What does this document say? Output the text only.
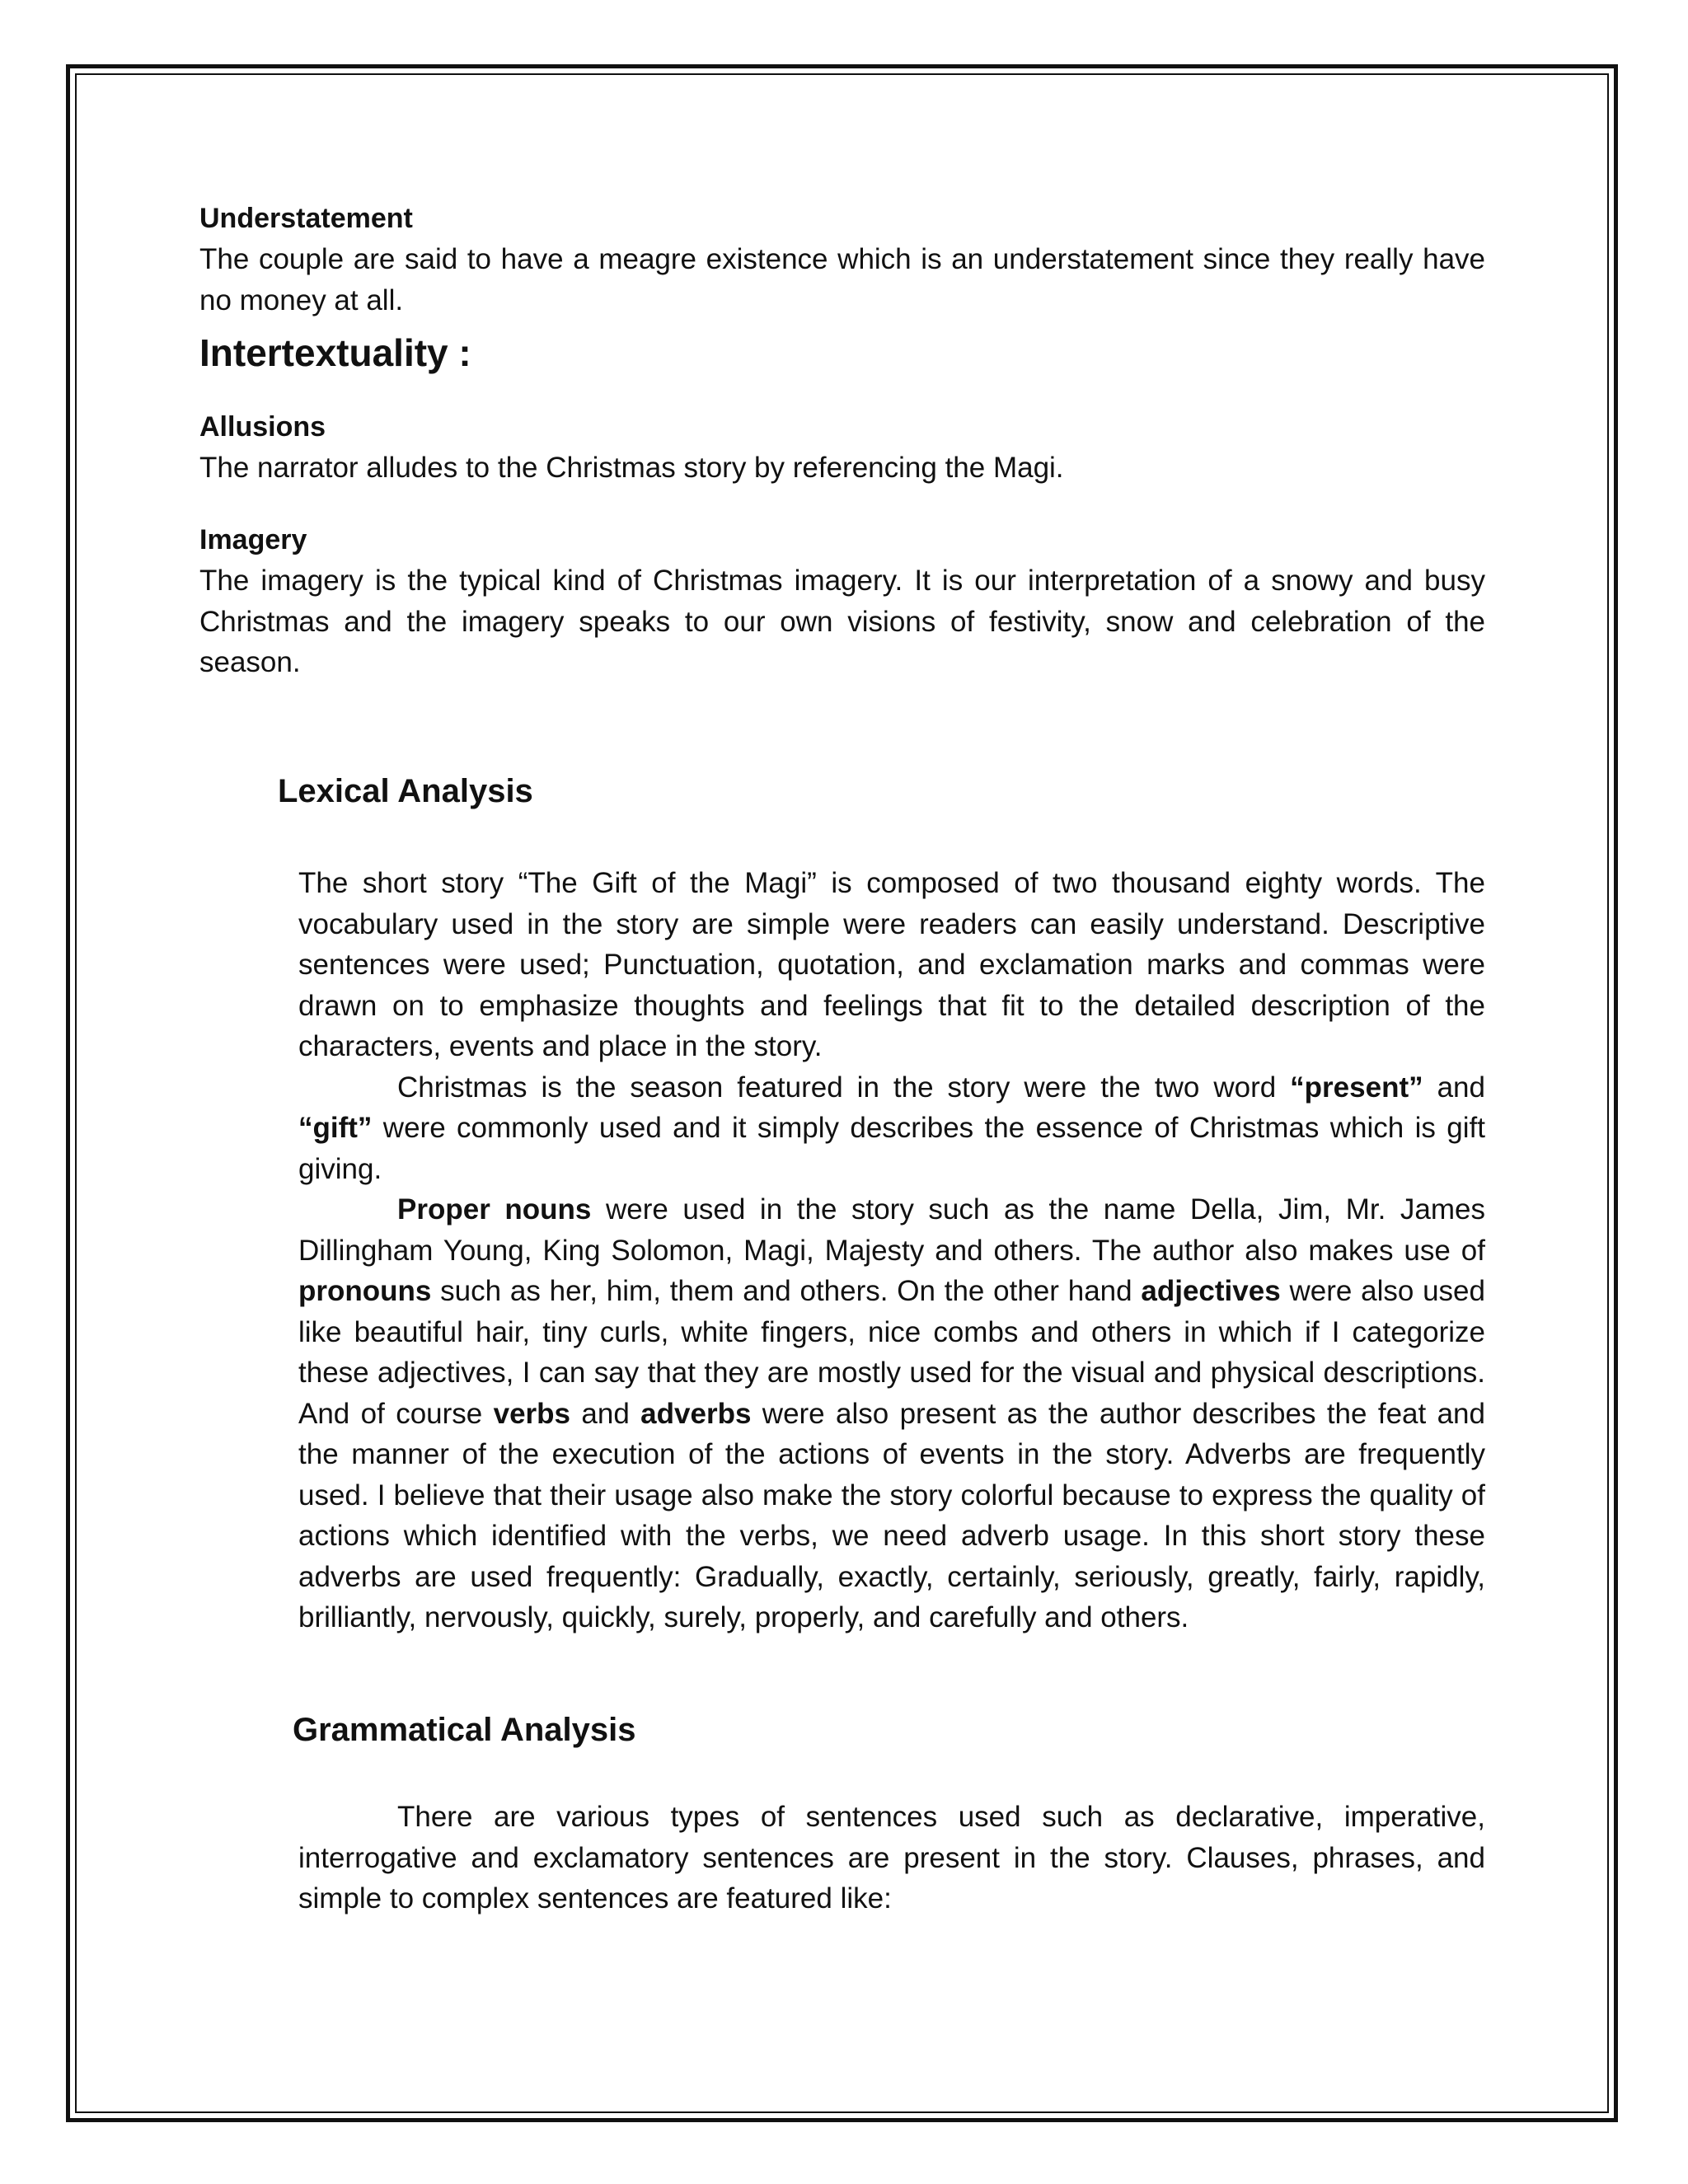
Understatement

The couple are said to have a meagre existence which is an understatement since they really have no money at all.

Intertextuality :

Allusions

The narrator alludes to the Christmas story by referencing the Magi.

Imagery

The imagery is the typical kind of Christmas imagery. It is our interpretation of a snowy and busy Christmas and the imagery speaks to our own visions of festivity, snow and celebration of the season.

Lexical Analysis

The short story “The Gift of the Magi” is composed of two thousand eighty words. The vocabulary used in the story are simple were readers can easily understand. Descriptive sentences were used; Punctuation, quotation, and exclamation marks and commas were drawn on to emphasize thoughts and feelings that fit to the detailed description of the characters, events and place in the story.

Christmas is the season featured in the story were the two word “present” and “gift” were commonly used and it simply describes the essence of Christmas which is gift giving.

Proper nouns were used in the story such as the name Della, Jim, Mr. James Dillingham Young, King Solomon, Magi, Majesty and others. The author also makes use of pronouns such as her, him, them and others. On the other hand adjectives were also used like beautiful hair, tiny curls, white fingers, nice combs and others in which if I categorize these adjectives, I can say that they are mostly used for the visual and physical descriptions. And of course verbs and adverbs were also present as the author describes the feat and the manner of the execution of the actions of events in the story. Adverbs are frequently used. I believe that their usage also make the story colorful because to express the quality of actions which identified with the verbs, we need adverb usage. In this short story these adverbs are used frequently: Gradually, exactly, certainly, seriously, greatly, fairly, rapidly, brilliantly, nervously, quickly, surely, properly, and carefully and others.

Grammatical Analysis

There are various types of sentences used such as declarative, imperative, interrogative and exclamatory sentences are present in the story. Clauses, phrases, and simple to complex sentences are featured like:
